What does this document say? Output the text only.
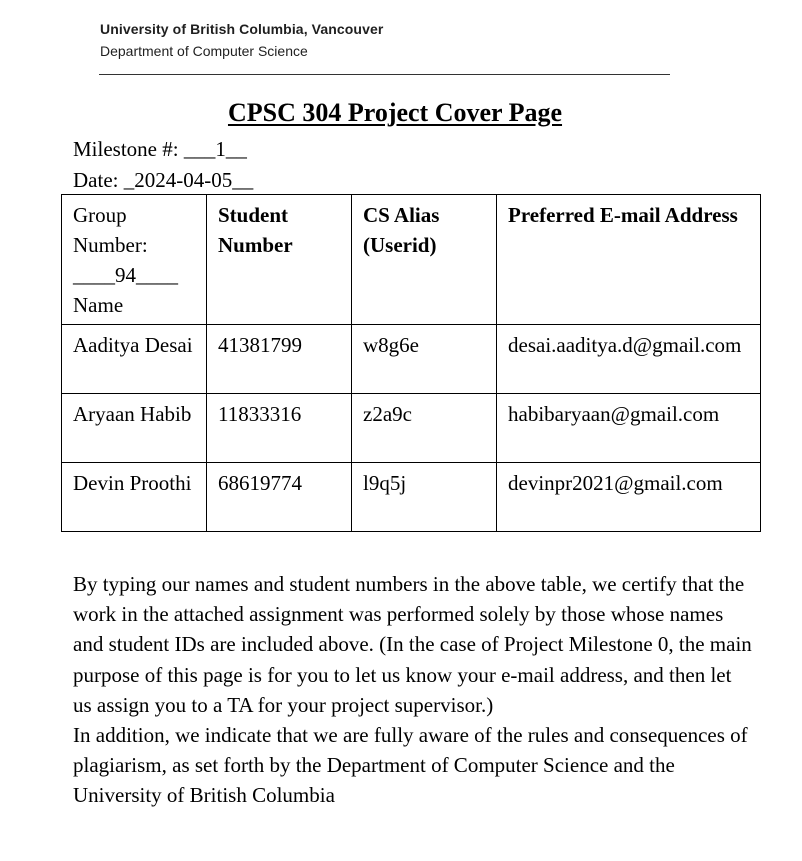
University of British Columbia, Vancouver
Department of Computer Science
CPSC 304 Project Cover Page
Milestone #: ___1__
Date: _2024-04-05__
Group Number:
____94____
Name	Student Number	CS Alias (Userid)	Preferred E-mail Address
Aaditya Desai	41381799	w8g6e	desai.aaditya.d@gmail.com
Aryaan Habib	11833316	z2a9c	habibaryaan@gmail.com
Devin Proothi	68619774	l9q5j	devinpr2021@gmail.com

By typing our names and student numbers in the above table, we certify that the work in the attached assignment was performed solely by those whose names and student IDs are included above. (In the case of Project Milestone 0, the main purpose of this page is for you to let us know your e-mail address, and then let us assign you to a TA for your project supervisor.)

In addition, we indicate that we are fully aware of the rules and consequences of plagiarism, as set forth by the Department of Computer Science and the University of British Columbia
